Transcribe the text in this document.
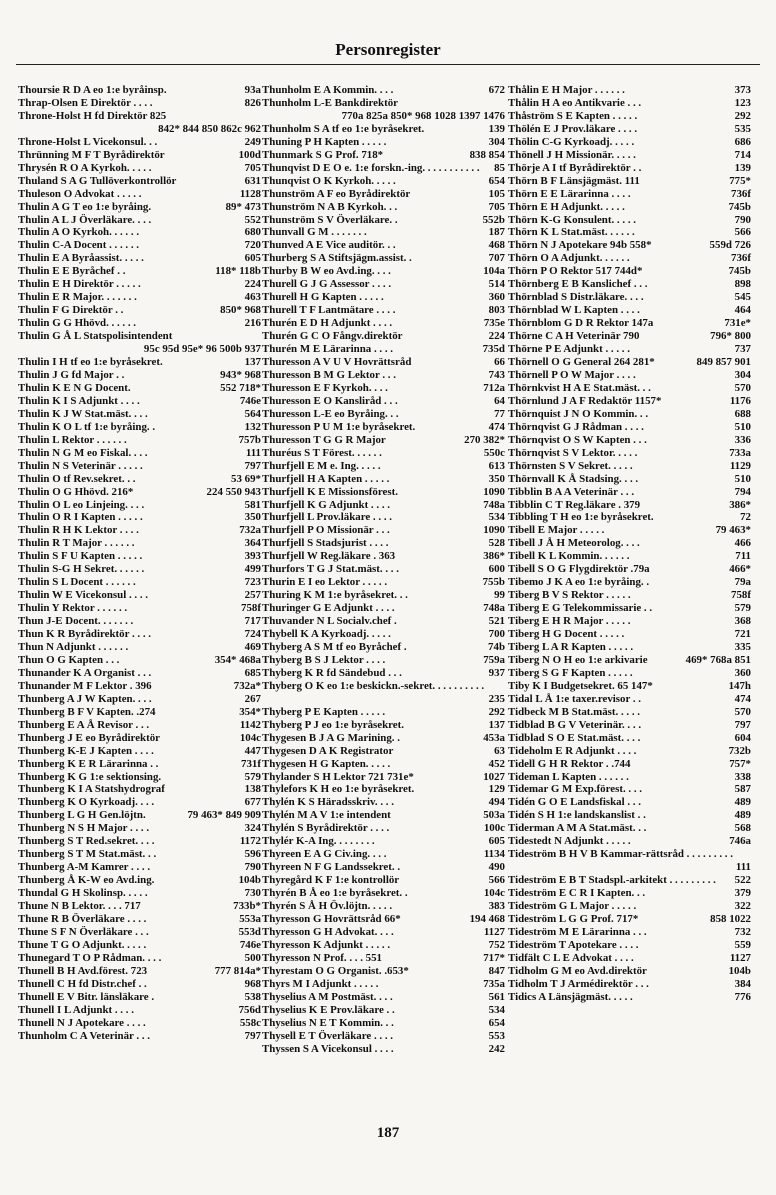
Personregister
Thoursie R D A eo 1:e byråinsp.	93a
Thrap-Olsen E Direktör . . . .	826
Throne-Holst H fd Direktör 825
842* 844 850 862c 962
Throne-Holst L Vicekonsul. . .	249
Thrünning M F T Byrådirektör	100d
Thrysén R O A Kyrkoh. . . . .	705
Thuland S A G Tullöverkontrollör	631
Thuleson O Advokat . . . . .	1128
Thulin A G T eo 1:e byråing.	89* 473
Thulin A L J Överläkare. . . .	552
Thulin A O Kyrkoh. . . . . .	680
Thulin C-A Docent . . . . . .	720
Thulin E A Byråassist. . . . .	605
Thulin E E Byråchef . .	118* 118b
Thulin E H Direktör . . . . .	224
Thulin E R Major. . . . . . .	463
Thulin F G Direktör . .	850* 968
Thulin G G Hhövd. . . . . .	216
Thulin G Å L Statspolisintendent
95c 95d 95e* 96 500b 937
Thulin I H tf eo 1:e byråsekret.	137
Thulin J G fd Major . .	943* 968
Thulin K E N G Docent.	552 718*
Thulin K I S Adjunkt . . . .	746e
Thulin K J W Stat.mäst. . . .	564
Thulin K O L tf 1:e byråing. .	132
Thulin L Rektor . . . . . .	757b
Thulin N G M eo Fiskal. . . .	111
Thulin N S Veterinär . . . . .	797
Thulin O tf Rev.sekret. . .	53 69*
Thulin O G Hhövd. 216*	224 550 943
Thulin O L eo Linjeing. . . .	581
Thulin O R I Kapten . . . . .	350
Thulin R H K Lektor . . . .	732a
Thulin R T Major . . . . . .	364
Thulin S F U Kapten . . . . .	393
Thulin S-G H Sekret. . . . . .	499
Thulin S L Docent . . . . . .	723
Thulin W E Vicekonsul . . . .	257
Thulin Y Rektor . . . . . .	758f
Thun J-E Docent. . . . . . .	717
Thun K R Byrådirektör . . . .	724
Thun N Adjunkt . . . . . .	469
Thun O G Kapten . . .	354* 468a
Thunander K A Organist . . .	685
Thunander M F Lektor . 396	732a*
Thunberg A J W Kapten. . . .	267
Thunberg B F V Kapten. .274	354*
Thunberg E A Å Revisor . . .	1142
Thunberg J E eo Byrådirektör	104c
Thunberg K-E J Kapten . . . .	447
Thunberg K E R Lärarinna . .	731f
Thunberg K G 1:e sektionsing.	579
Thunberg K I A Statshydrograf	138
Thunberg K O Kyrkoadj. . . .	677
Thunberg L G H Gen.löjtn.	79 463* 849 909
Thunberg N S H Major . . . .	324
Thunberg S T Red.sekret. . . .	1172
Thunberg S T M Stat.mäst. . .	596
Thunberg A-M Kamrer . . . .	790
Thunberg Å K-W eo Avd.ing.	104b
Thundal G H Skolinsp. . . . .	730
Thune N B Lektor. . . . 717	733b*
Thune R B Överläkare . . . .	553a
Thune S F N Överläkare . . .	553d
Thune T G O Adjunkt. . . . .	746e
Thunegard T O P Rådman. . . .	500
Thunell B H Avd.förest. 723	777 814a*
Thunell C H fd Distr.chef . .	968
Thunell E V Bitr. länsläkare .	538
Thunell I L Adjunkt . . . .	756d
Thunell N J Apotekare . . . .	558c
Thunholm C A Veterinär . . .	797
Thunholm E A Kommin. . . .	672
Thunholm L-E Bankdirektör
770a 825a 850* 968 1028 1397 1476
Thunholm S A tf eo 1:e byråsekret.	139
Thuning P H Kapten . . . . .	304
Thunmark S G Prof. 718*	838 854
Thunqvist D E O e. 1:e forskn.-ing. . . . . . . . . . .	85
Thunqvist O K Kyrkoh. . . . .	654
Thunström A F eo Byrådirektör	105
Thunström N A B Kyrkoh. . .	705
Thunström S V Överläkare. .	552b
Thunvall G M . . . . . . .	187
Thunved A E Vice auditör. . .	468
Thurberg S A Stiftsjägm.assist. .	707
Thurby B W eo Avd.ing. . . .	104a
Thurell G J G Assessor . . . .	514
Thurell H G Kapten . . . . .	360
Thurell T F Lantmätare . . . .	803
Thurén E D H Adjunkt . . . .	735e
Thurén G C O Fångv.direktör	224
Thurén M E Lärarinna . . . .	735d
Thuresson A V U V Hovrättsråd	66
Thuresson B M G Lektor . . .	743
Thuresson E F Kyrkoh. . . .	712a
Thuresson E O Kansliråd . . .	64
Thuresson L-E eo Byråing. . .	77
Thuresson P U M 1:e byråsekret.	474
Thuresson T G G R Major	270 382*
Thuréus S T Förest. . . . . .	550c
Thurfjell E M e. Ing. . . . .	613
Thurfjell H A Kapten . . . . .	350
Thurfjell K E Missionsförest.	1090
Thurfjell K G Adjunkt . . . .	748a
Thurfjell L Prov.läkare . . . .	534
Thurfjell P O Missionär . . .	1090
Thurfjell S Stadsjurist . . . .	528
Thurfjell W Reg.läkare . 363	386*
Thurfors T G J Stat.mäst. . . .	600
Thurin E I eo Lektor . . . . .	755b
Thuring K M 1:e byråsekret. . .	99
Thuringer G E Adjunkt . . . .	748a
Thuvander N L Socialv.chef .	521
Thybell K A Kyrkoadj. . . . .	700
Thyberg A S M tf eo Byråchef .	74b
Thyberg B S J Lektor . . . .	759a
Thyberg K R fd Sändebud . . .	937
Thyberg O K eo 1:e beskickn.-sekret. . . . . . . . . .
235
Thyberg P E Kapten . . . . .	292
Thyberg P J eo 1:e byråsekret.	137
Thygesen B J A G Marining. .	453a
Thygesen D A K Registrator	63
Thygesen H G Kapten. . . . .	452
Thylander S H Lektor 721 731e*	1027
Thylefors K H eo 1:e byråsekret.	129
Thylén K S Häradsskriv. . . .	494
Thylén M A V 1:e intendent	503a
Thylén S Byrådirektör . . . .	100c
Thylér K-A Ing. . . . . . . .	605
Thyreen E A G Civ.ing. . . .	1134
Thyreen N F G Landssekret. .	490
Thyregård K F 1:e kontrollör	566
Thyrén B Å eo 1:e byråsekret. .	104c
Thyrén S Å H Öv.löjtn. . . . .	383
Thyresson G Hovrättsråd 66*	194 468
Thyresson G H Advokat. . . .	1127
Thyresson K Adjunkt . . . . .	752
Thyresson N Prof. . . . 551	717*
Thyrestam O G Organist. .653*	847
Thyrs M I Adjunkt . . . . .	735a
Thyselius A M Postmäst. . . .	561
Thyselius K E Prov.läkare . .	534
Thyselius N E T Kommin. . .	654
Thysell E T Överläkare . . . .	553
Thyssen S A Vicekonsul . . . .	242
Thålin E H Major . . . . . .	373
Thålin H A eo Antikvarie . . .	123
Thåström S E Kapten . . . . .	292
Thölén E J Prov.läkare . . . .	535
Thölin C-G Kyrkoadj. . . . .	686
Thönell J H Missionär. . . . .	714
Thörje A I tf Byrådirektör . .	139
Thörn B F Länsjägmäst. 111	775*
Thörn E E Lärarinna . . . .	736f
Thörn E H Adjunkt. . . . .	745b
Thörn K-G Konsulent. . . . .	790
Thörn K L Stat.mäst. . . . . .	566
Thörn N J Apotekare 94b 558*	559d 726
Thörn O A Adjunkt. . . . . .	736f
Thörn P O Rektor 517 744d*	745b
Thörnberg E B Kanslichef . . .	898
Thörnblad S Distr.läkare. . . .	545
Thörnblad W L Kapten . . . .	464
Thörnblom G D R Rektor 147a	731e*
Thörne C A H Veterinär 790	796* 800
Thörne P E Adjunkt . . . . .	737
Thörnell O G General 264 281*	849 857 901
Thörnell P O W Major . . . .	304
Thörnkvist H A E Stat.mäst. . .	570
Thörnlund J A F Redaktör 1157*	1176
Thörnquist J N O Kommin. . .	688
Thörnqvist G J Rådman . . . .	510
Thörnqvist O S W Kapten . . .	336
Thörnqvist S V Lektor. . . . .	733a
Thörnsten S V Sekret. . . . .	1129
Thörnvall K Å Stadsing. . . .	510
Tibblin B A A Veterinär . . .	794
Tibblin C T Reg.läkare . 379	386*
Tibbling T H eo 1:e byråsekret.	72
Tibell E Major . . . . .	79 463*
Tibell J Å H Meteorolog. . . .	466
Tibell K L Kommin. . . . . .	711
Tibell S O G Flygdirektör .79a	466*
Tibemo J K A eo 1:e byråing. .	79a
Tiberg B V S Rektor . . . . .	758f
Tiberg E G Telekommissarie . .	579
Tiberg E H R Major . . . . .	368
Tiberg H G Docent . . . . .	721
Tiberg L A R Kapten . . . . .	335
Tiberg N O H eo 1:e arkivarie	469* 768a 851
Tiberg S G F Kapten . . . . .	360
Tiby K I Budgetsekret. 65 147*	147h
Tidal L Å 1:e taxer.revisor . .	474
Tidbeck M B Stat.mäst. . . . .	570
Tidblad B G V Veterinär. . . .	797
Tidblad S O E Stat.mäst. . . .	604
Tideholm E R Adjunkt . . . .	732b
Tidell G H R Rektor . .744	757*
Tideman L Kapten . . . . . .	338
Tidemar G M Exp.förest. . . .	587
Tidén G O E Landsfiskal . . .	489
Tidén S H 1:e landskanslist . .	489
Tiderman A M A Stat.mäst. . .	568
Tidestedt N Adjunkt . . . . .	746a
Tideström B H V B Kammar-rättsråd . . . . . . . . .
111
Tideström E B T Stadspl.-arkitekt . . . . . . . . .	522
Tideström E C R I Kapten. . .	379
Tideström G L Major . . . . .	322
Tideström L G G Prof. 717*	858 1022
Tideström M E Lärarinna . . .	732
Tideström T Apotekare . . . .	559
Tidfält C L E Advokat . . . .	1127
Tidholm G M eo Avd.direktör	104b
Tidholm T J Armédirektör . . .	384
Tidics A Länsjägmäst. . . . .	776
187
